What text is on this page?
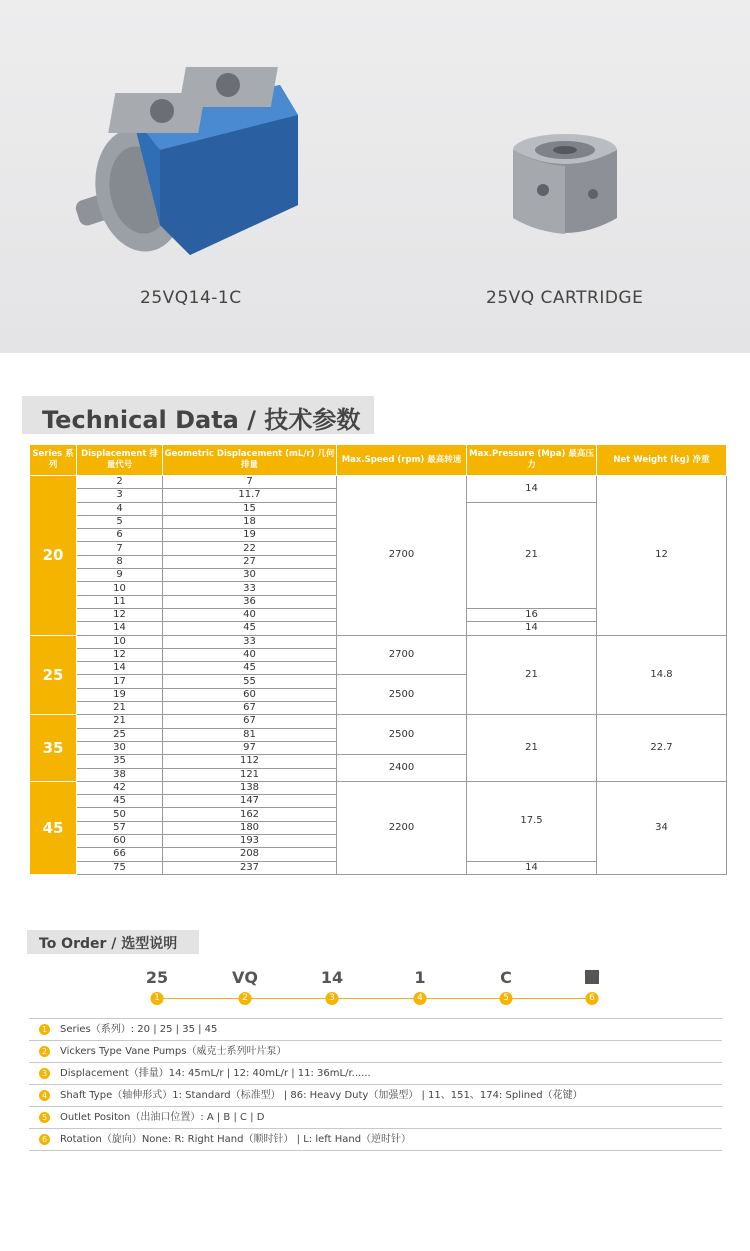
25VQ14-1C	25VQ CARTRIDGE
Technical Data / 技术参数
Series 系列	Displacement 排量代号	Geometric Displacement (mL/r) 几何排量	Max.Speed (rpm) 最高转速	Max.Pressure (Mpa) 最高压力	Net Weight (kg) 净重
20	2	7	2700	14	12
	3	11.7			
	4	15		21	
	5	18			
	6	19			
	7	22			
	8	27			
	9	30			
	10	33			
	11	36			
	12	40		16	
	14	45		14	
25	10	33	2700	21	14.8
	12	40			
	14	45			
	17	55	2500		
	19	60			
	21	67			
35	21	67	2500	21	22.7
	25	81			
	30	97			
	35	112	2400		
	38	121			
45	42	138	2200	17.5	34
	45	147			
	50	162			
	57	180			
	60	193			
	66	208			
	75	237		14	
To Order / 选型说明
25	VQ	14	1	C
1	2	3	4	5	6
1 Series（系列）: 20 | 25 | 35 | 45
2 Vickers Type Vane Pumps（威克士系列叶片泵）
3 Displacement（排量）14: 45mL/r | 12: 40mL/r | 11: 36mL/r......
4 Shaft Type（轴伸形式）1: Standard（标准型） | 86: Heavy Duty（加强型） | 11、151、174: Splined（花键）
5 Outlet Positon（出油口位置）: A | B | C | D
6 Rotation（旋向）None: R: Right Hand（顺时针） | L: left Hand（逆时针）
